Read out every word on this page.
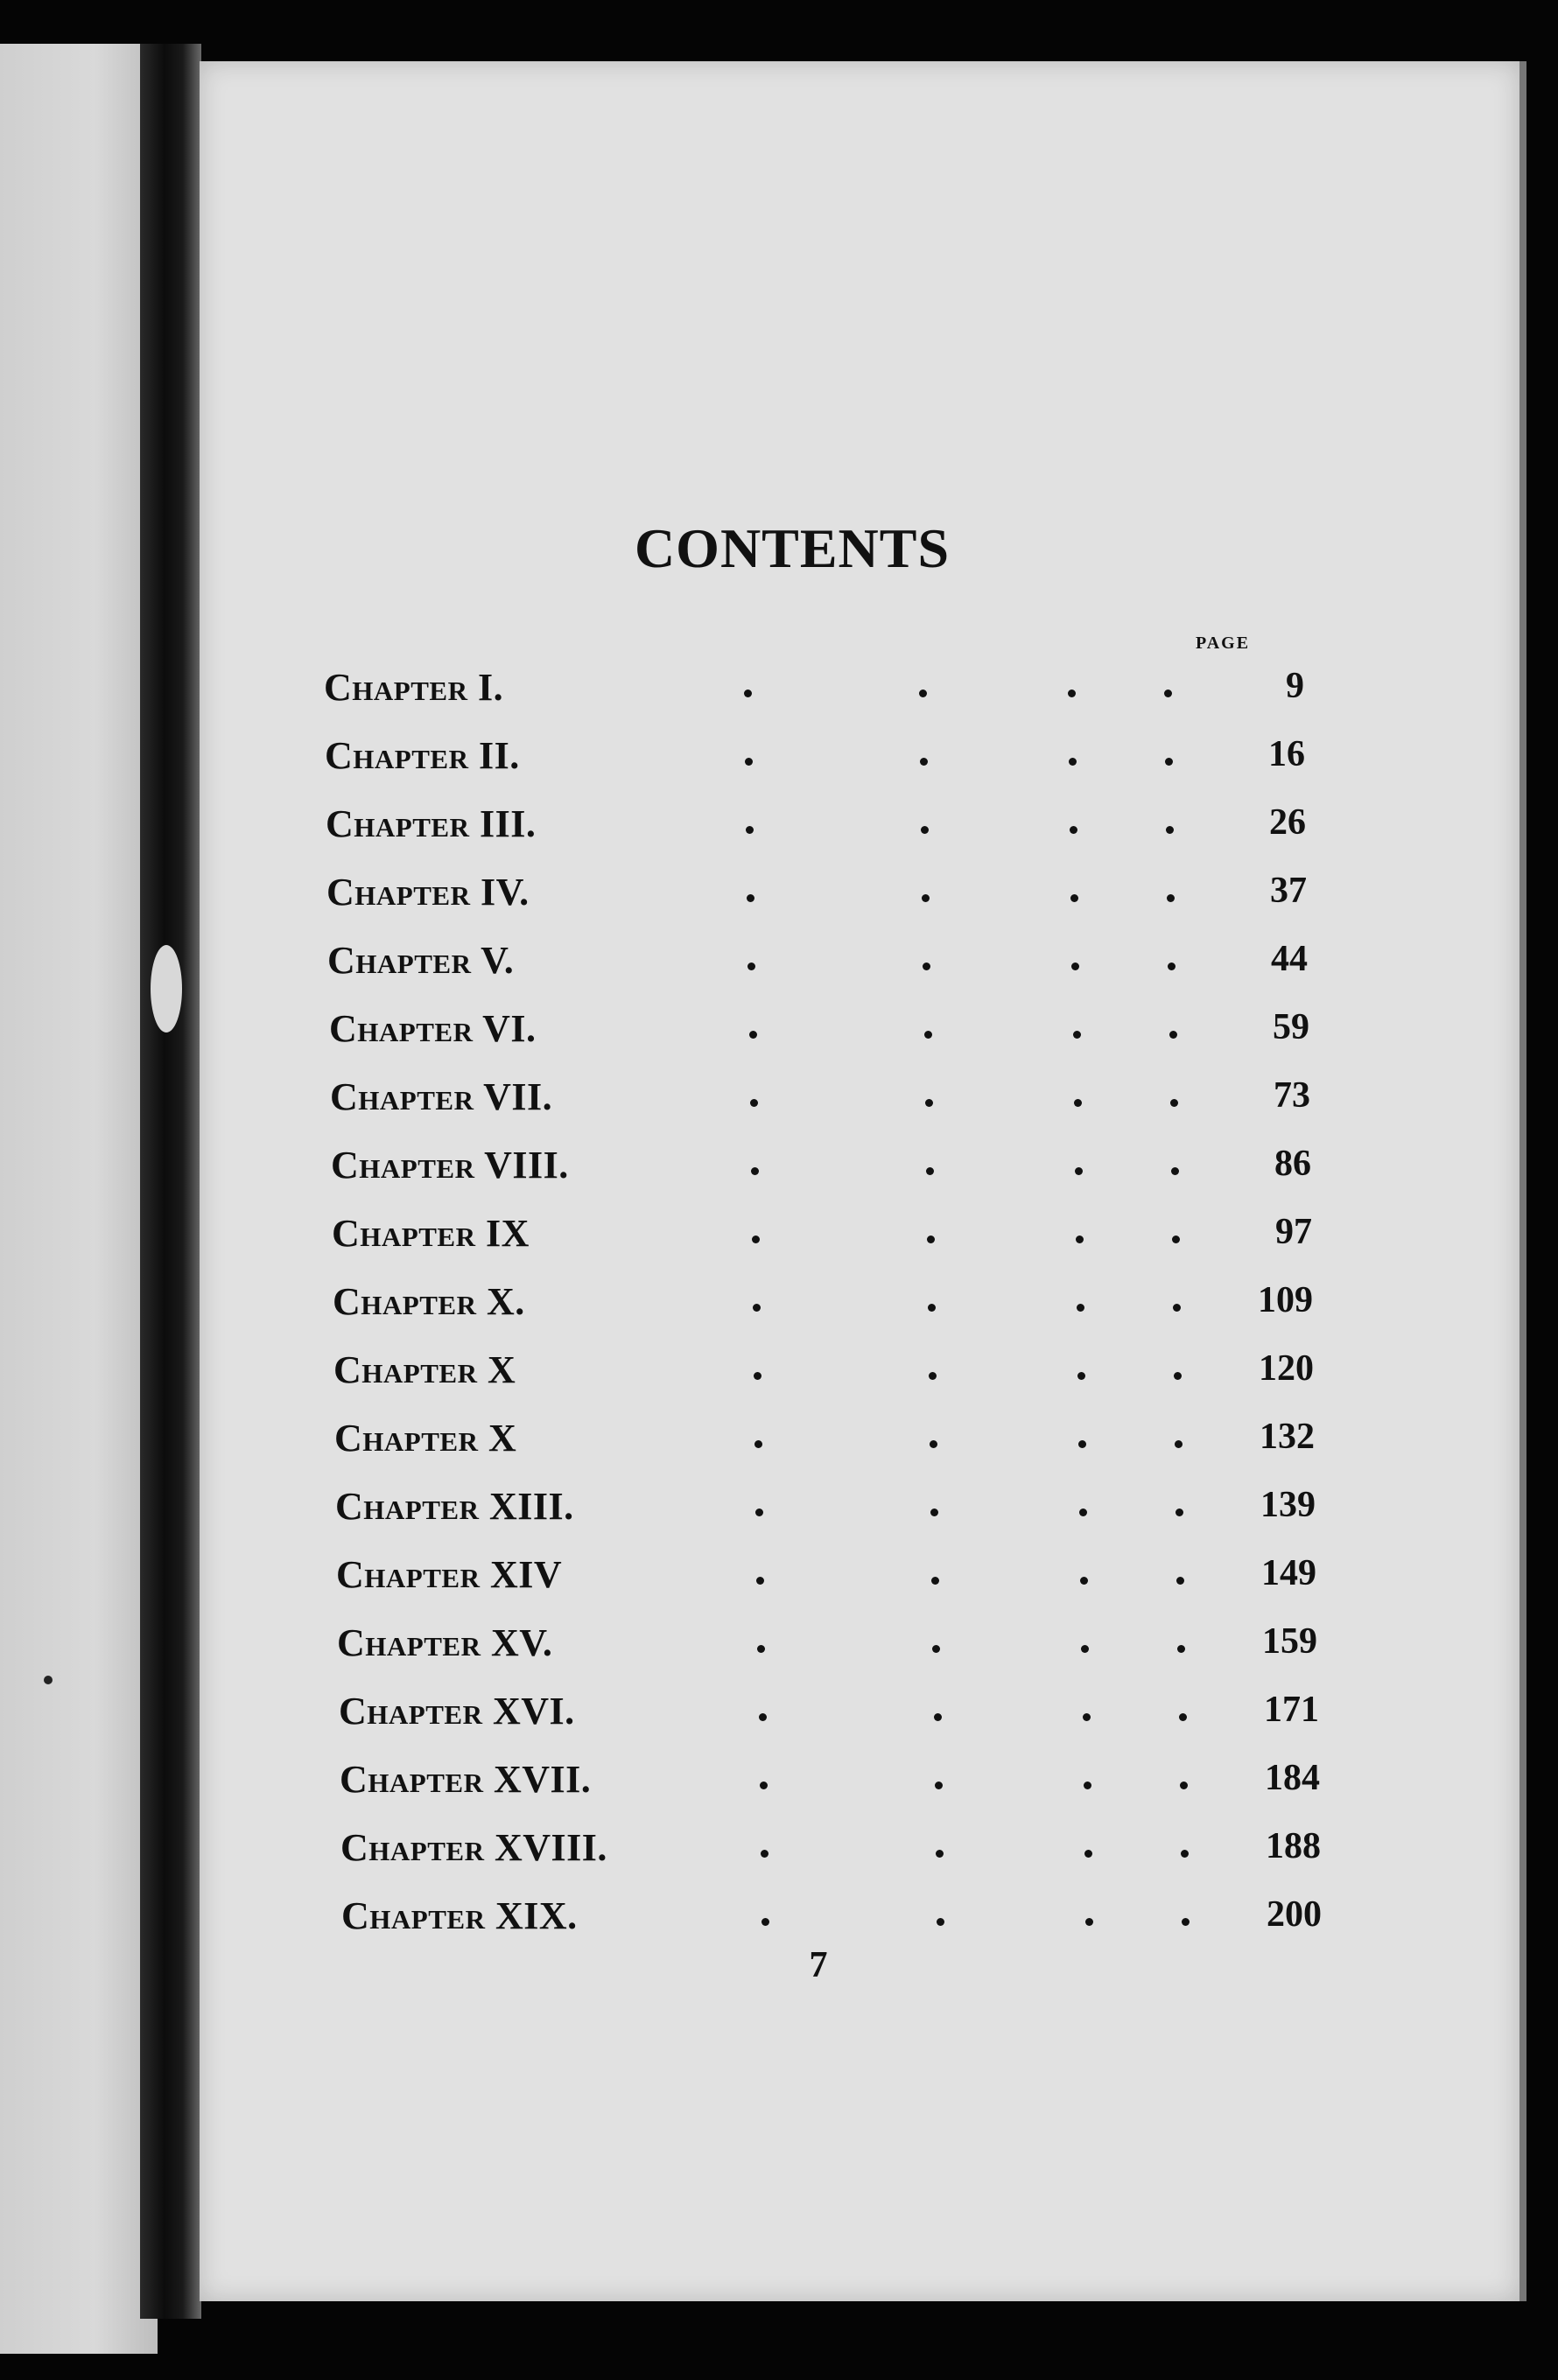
CONTENTS
PAGE
Chapter I.	9
Chapter II.	16
Chapter III.	26
Chapter IV.	37
Chapter V.	44
Chapter VI.	59
Chapter VII.	73
Chapter VIII.	86
Chapter IX	97
Chapter X.	109
Chapter X	120
Chapter X	132
Chapter XIII.	139
Chapter XIV	149
Chapter XV.	159
Chapter XVI.	171
Chapter XVII.	184
Chapter XVIII.	188
Chapter XIX.	200
7
